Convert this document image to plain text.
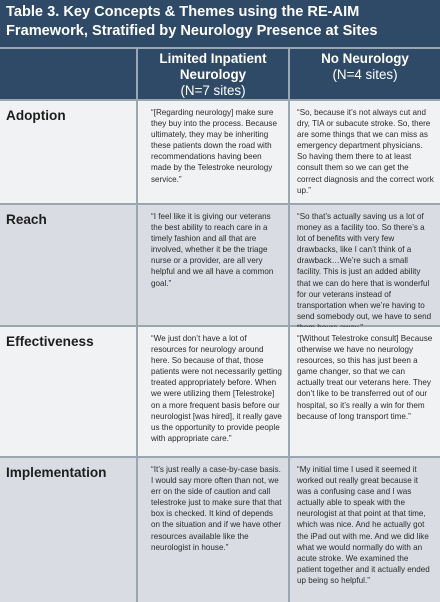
Table 3. Key Concepts & Themes using the RE-AIM Framework, Stratified by Neurology Presence at Sites
Limited Inpatient Neurology
(N=7 sites)
No Neurology
(N=4 sites)
Adoption	“[Regarding neurology] make sure they buy into the process. Because ultimately, they may be inheriting these patients down the road with recommendations having been made by the Telestroke neurology service.”
“So, because it’s not always cut and dry, TIA or subacute stroke. So, there are some things that we can miss as emergency department physicians. So having them there to at least consult them so we can get the correct diagnosis and the correct work up.”
Reach	“I feel like it is giving our veterans the best ability to reach care in a timely fashion and all that are involved, whether it be the triage nurse or a provider, are all very helpful and we all have a common goal.”
“So that’s actually saving us a lot of money as a facility too. So there’s a lot of benefits with very few drawbacks, like I can’t think of a drawback…We’re such a small facility. This is just an added ability that we can do here that is wonderful for our veterans instead of transportation when we’re having to send somebody out, we have to send
Effectiveness	“We just don’t have a lot of resources for neurology around here. So because of that, those patients were not necessarily getting treated appropriately before. When we were utilizing them [Telestroke] on a more frequent basis before our neurologist [was hired], it really gave us the opportunity to provide people with appropriate care.”
“[Without Telestroke consult] Because otherwise we have no neurology resources, so this has just been a game changer, so that we can actually treat our veterans here. They don’t like to be transferred out of our hospital, so it’s really a win for them because of long transport time.”
Implementation	“It’s just really a case-by-case basis. I would say more often than not, we err on the side of caution and call telestroke just to make sure that that box is checked. It kind of depends on the situation and if we have other resources available like the neurologist in house.”
“My initial time I used it seemed it worked out really great because it was a confusing case and I was actually able to speak with the neurologist at that point at that time, which was nice. And he actually got the iPad out with me. And we did like what we would normally do with an acute stroke. We examined the patient together and it actually ended up being so helpful.”
